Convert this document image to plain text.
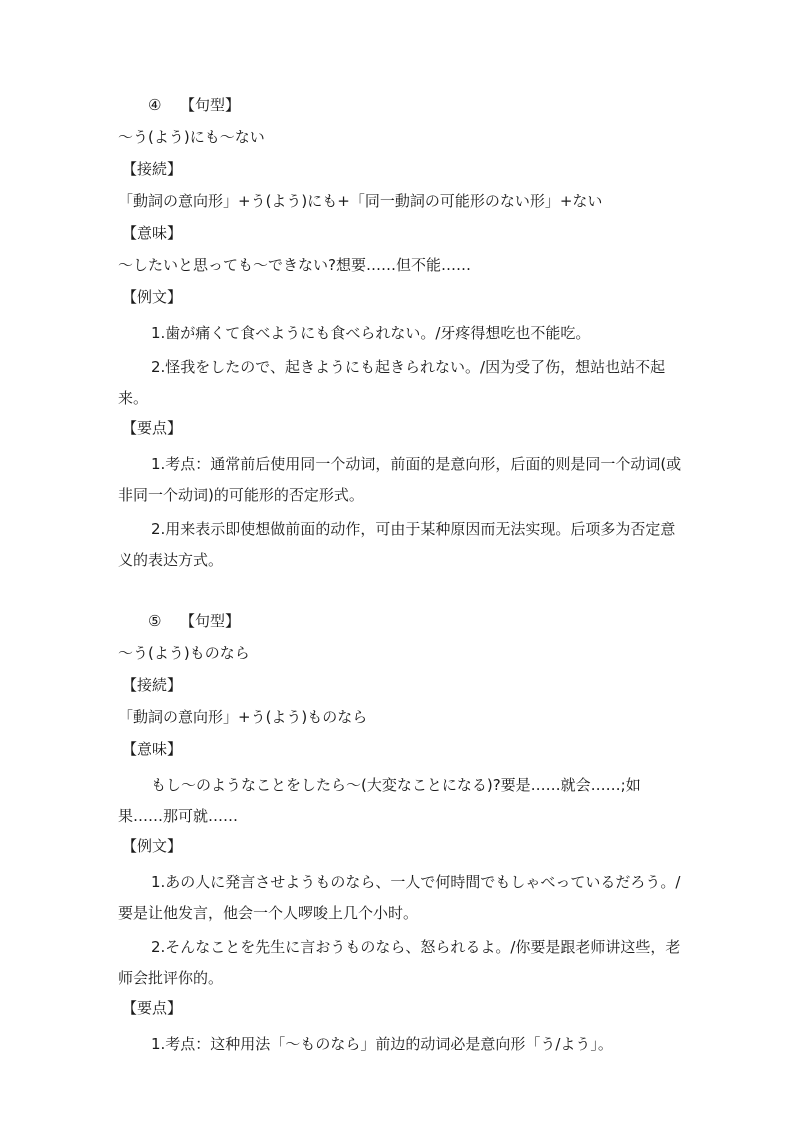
④ 【句型】
～う(よう)にも～ない
【接続】
「動詞の意向形」+う(よう)にも+「同一動詞の可能形のない形」+ない
【意味】
～したいと思っても～できない?想要……但不能……
【例文】
1.歯が痛くて食べようにも食べられない。/牙疼得想吃也不能吃。
2.怪我をしたので、起きようにも起きられない。/因为受了伤，想站也站不起来。
【要点】
1.考点：通常前后使用同一个动词，前面的是意向形，后面的则是同一个动词(或非同一个动词)的可能形的否定形式。
2.用来表示即使想做前面的动作，可由于某种原因而无法实现。后项多为否定意义的表达方式。
⑤ 【句型】
～う(よう)ものなら
【接続】
「動詞の意向形」+う(よう)ものなら
【意味】
もし～のようなことをしたら～(大変なことになる)?要是……就会……;如果……那可就……
【例文】
1.あの人に発言させようものなら、一人で何時間でもしゃべっているだろう。/要是让他发言，他会一个人啰唆上几个小时。
2.そんなことを先生に言おうものなら、怒られるよ。/你要是跟老师讲这些，老师会批评你的。
【要点】
1.考点：这种用法「～ものなら」前边的动词必是意向形「う/よう」。
